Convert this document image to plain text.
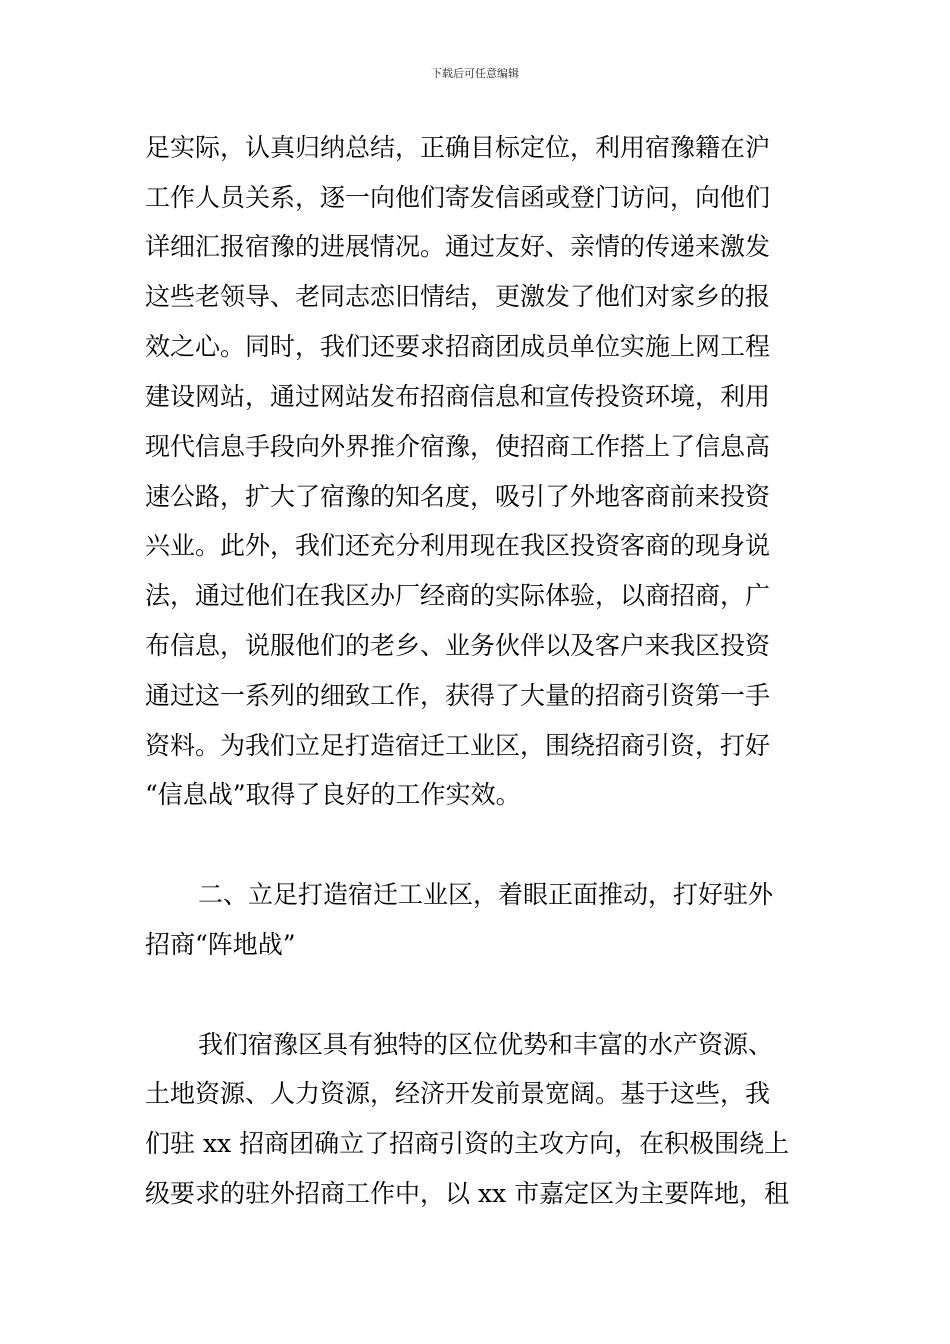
下载后可任意编辑
足实际，认真归纳总结，正确目标定位，利用宿豫籍在沪
工作人员关系，逐一向他们寄发信函或登门访问，向他们
详细汇报宿豫的进展情况。通过友好、亲情的传递来激发
这些老领导、老同志恋旧情结，更激发了他们对家乡的报
效之心。同时，我们还要求招商团成员单位实施上网工程
建设网站，通过网站发布招商信息和宣传投资环境，利用
现代信息手段向外界推介宿豫，使招商工作搭上了信息高
速公路，扩大了宿豫的知名度，吸引了外地客商前来投资
兴业。此外，我们还充分利用现在我区投资客商的现身说
法，通过他们在我区办厂经商的实际体验，以商招商，广
布信息，说服他们的老乡、业务伙伴以及客户来我区投资
通过这一系列的细致工作，获得了大量的招商引资第一手
资料。为我们立足打造宿迁工业区，围绕招商引资，打好
“信息战”取得了良好的工作实效。
二、立足打造宿迁工业区，着眼正面推动，打好驻外
招商“阵地战”
我们宿豫区具有独特的区位优势和丰富的水产资源、
土地资源、人力资源，经济开发前景宽阔。基于这些，我
们驻 xx 招商团确立了招商引资的主攻方向，在积极围绕上
级要求的驻外招商工作中，以 xx 市嘉定区为主要阵地，租
